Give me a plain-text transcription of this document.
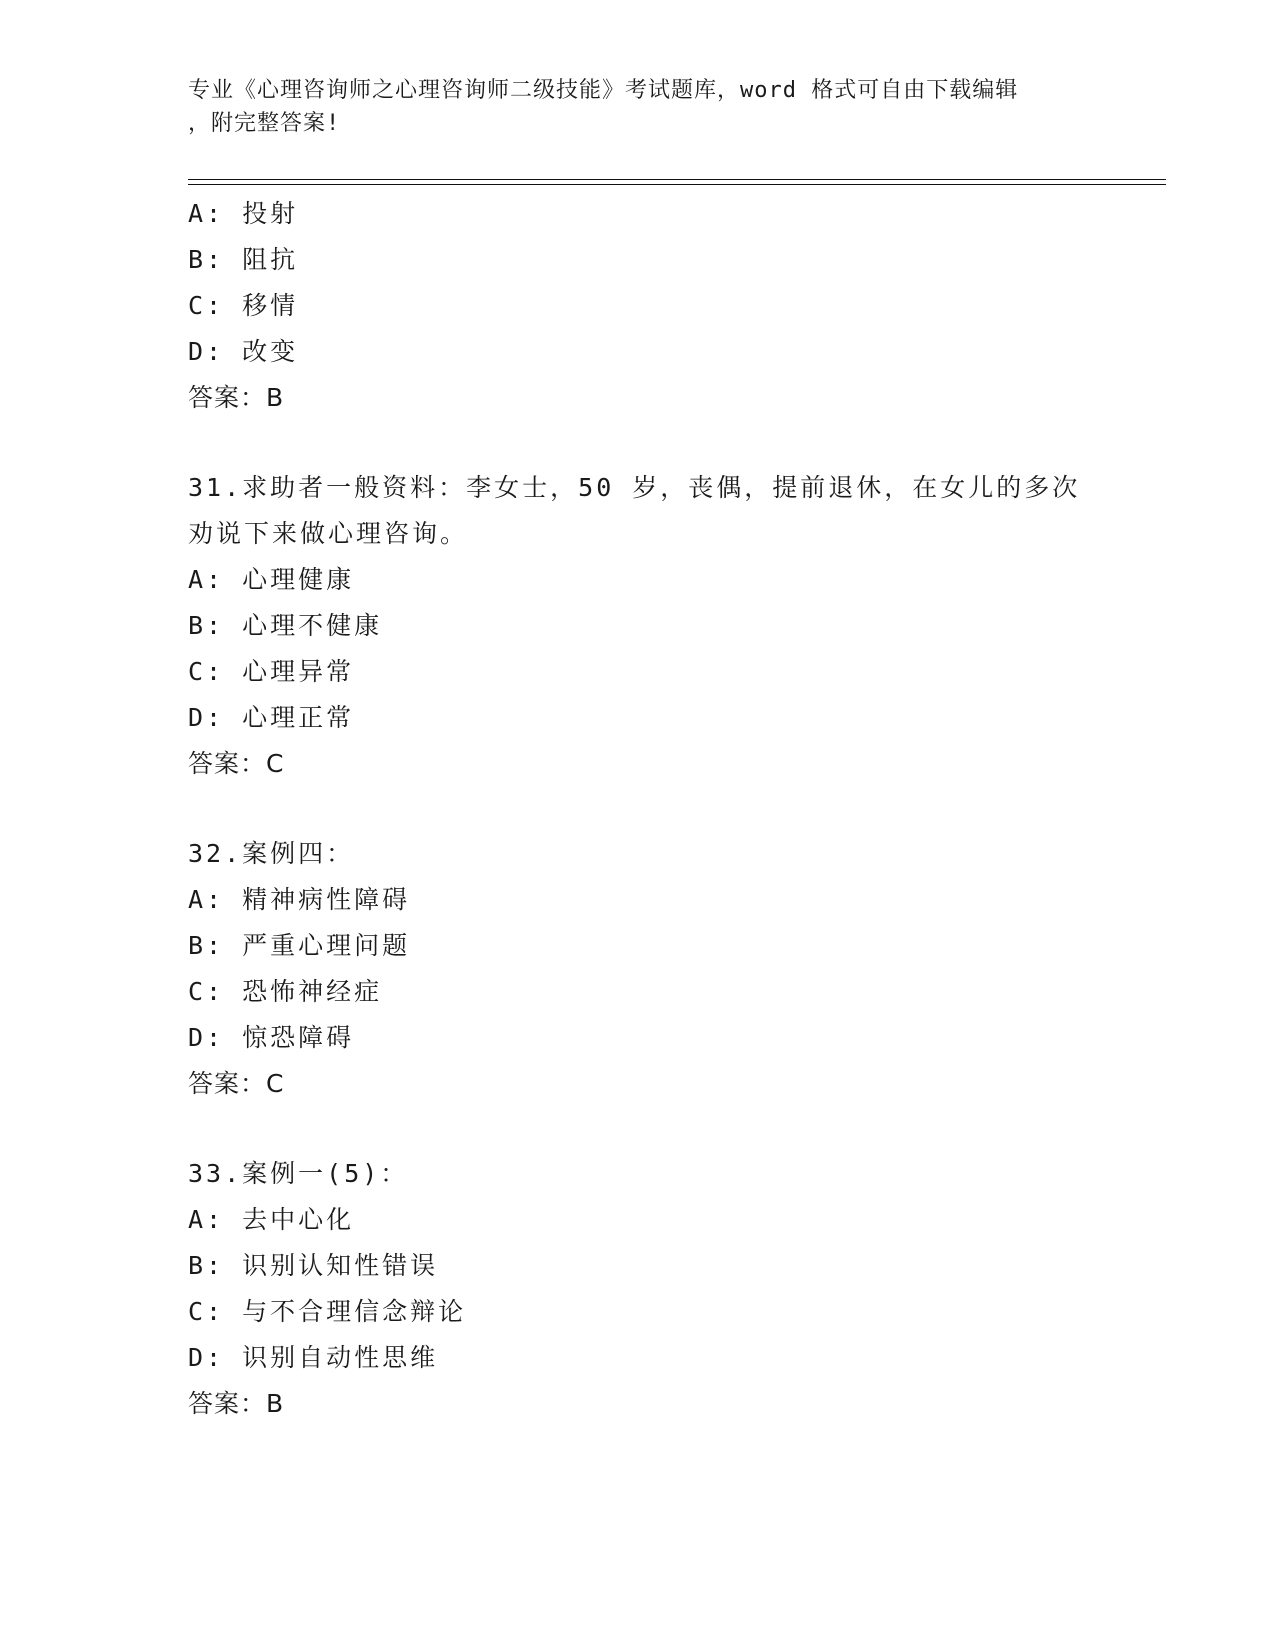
专业《心理咨询师之心理咨询师二级技能》考试题库，word 格式可自由下载编辑
，附完整答案!
A: 投射
B: 阻抗
C: 移情
D: 改变
答案：B
31.求助者一般资料：李女士，50 岁，丧偶，提前退休，在女儿的多次
劝说下来做心理咨询。
A: 心理健康
B: 心理不健康
C: 心理异常
D: 心理正常
答案：C
32.案例四：
A: 精神病性障碍
B: 严重心理问题
C: 恐怖神经症
D: 惊恐障碍
答案：C
33.案例一(5)：
A: 去中心化
B: 识别认知性错误
C: 与不合理信念辩论
D: 识别自动性思维
答案：B
